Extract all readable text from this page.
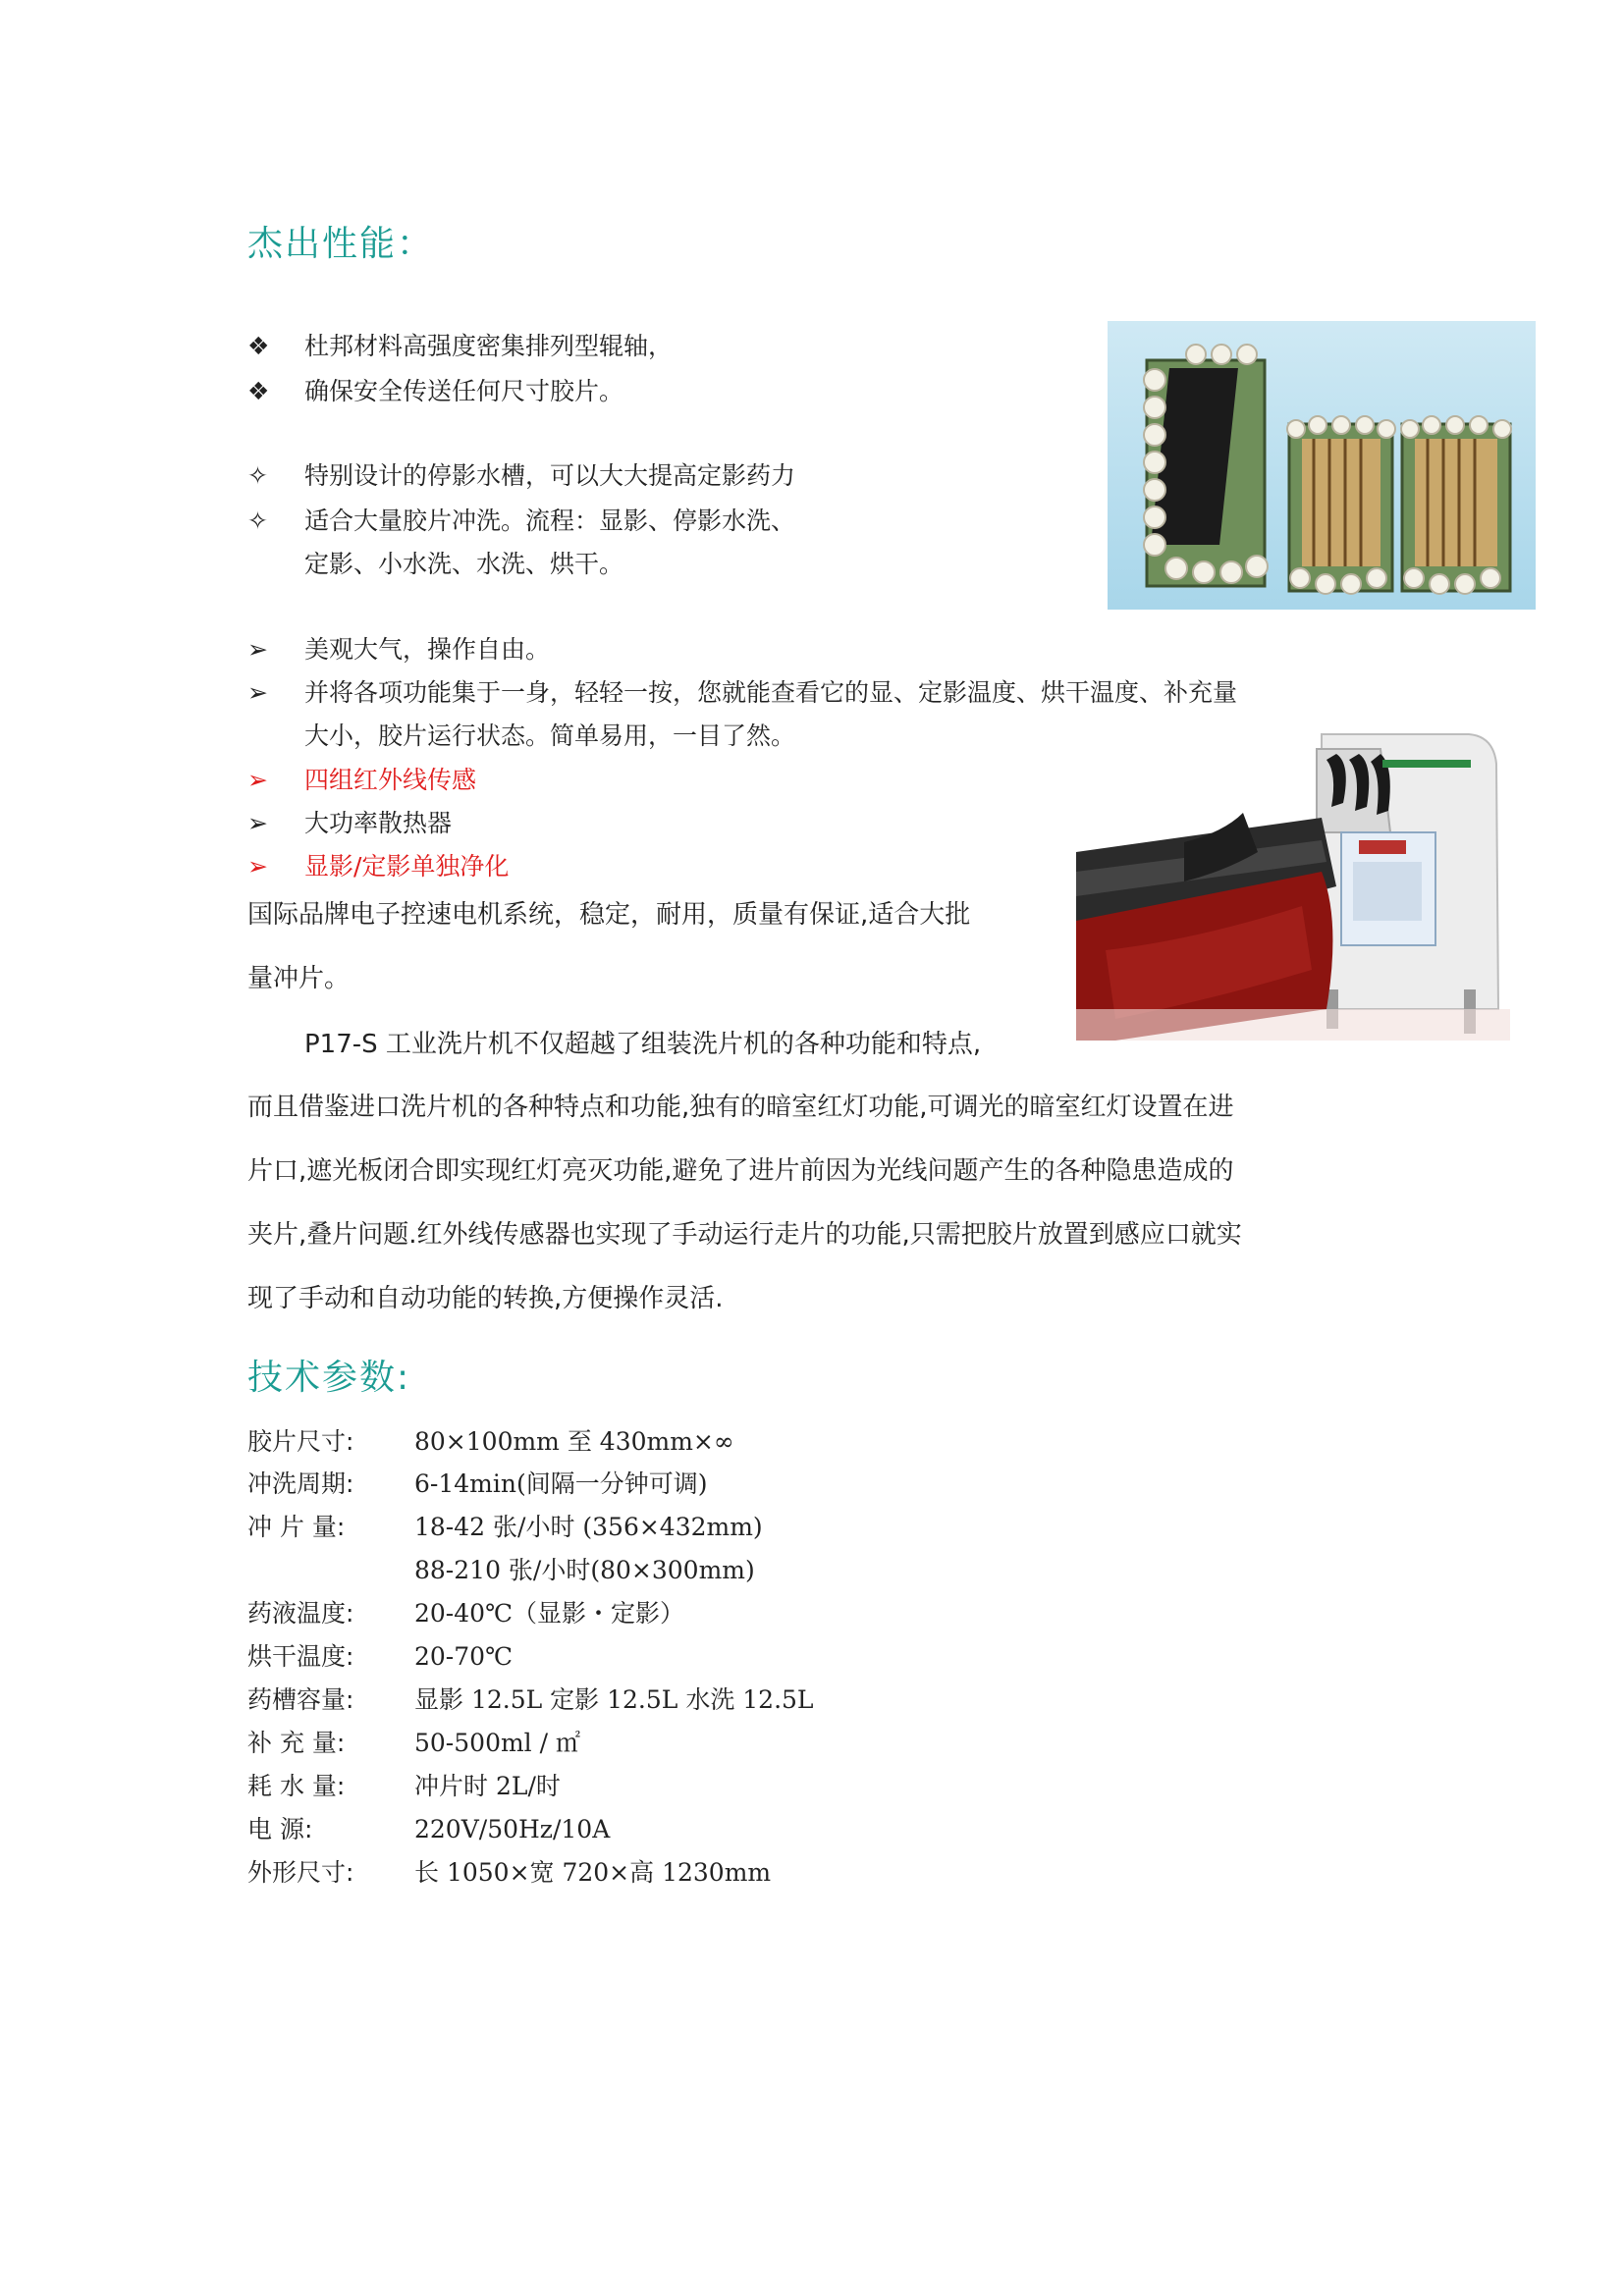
杰出性能：
❖	杜邦材料高强度密集排列型辊轴，
❖	确保安全传送任何尺寸胶片。
✧	特别设计的停影水槽，可以大大提高定影药力
✧	适合大量胶片冲洗。流程：显影、停影水洗、
定影、小水洗、水洗、烘干。
➢	美观大气，操作自由。
➢	并将各项功能集于一身，轻轻一按，您就能查看它的显、定影温度、烘干温度、补充量
大小，胶片运行状态。简单易用，一目了然。
➢	四组红外线传感
➢	大功率散热器
➢	显影/定影单独净化
国际品牌电子控速电机系统，稳定，耐用，质量有保证,适合大批
量冲片。
P17-S 工业洗片机不仅超越了组装洗片机的各种功能和特点,
而且借鉴进口洗片机的各种特点和功能,独有的暗室红灯功能,可调光的暗室红灯设置在进
片口,遮光板闭合即实现红灯亮灭功能,避免了进片前因为光线问题产生的各种隐患造成的
夹片,叠片问题.红外线传感器也实现了手动运行走片的功能,只需把胶片放置到感应口就实
现了手动和自动功能的转换,方便操作灵活.
技术参数:
胶片尺寸: 80×100mm 至 430mm×∞
冲洗周期: 6-14min(间隔一分钟可调)
冲 片 量:	18-42 张/小时 (356×432mm)
88-210 张/小时(80×300mm)
药液温度: 20-40℃（显影・定影）
烘干温度: 20-70℃
药槽容量: 显影 12.5L 定影 12.5L 水洗 12.5L
补 充 量:	50-500ml / ㎡
耗 水 量:	冲片时 2L/时
电 源:	220V/50Hz/10A
外形尺寸: 长 1050×宽 720×高 1230mm
